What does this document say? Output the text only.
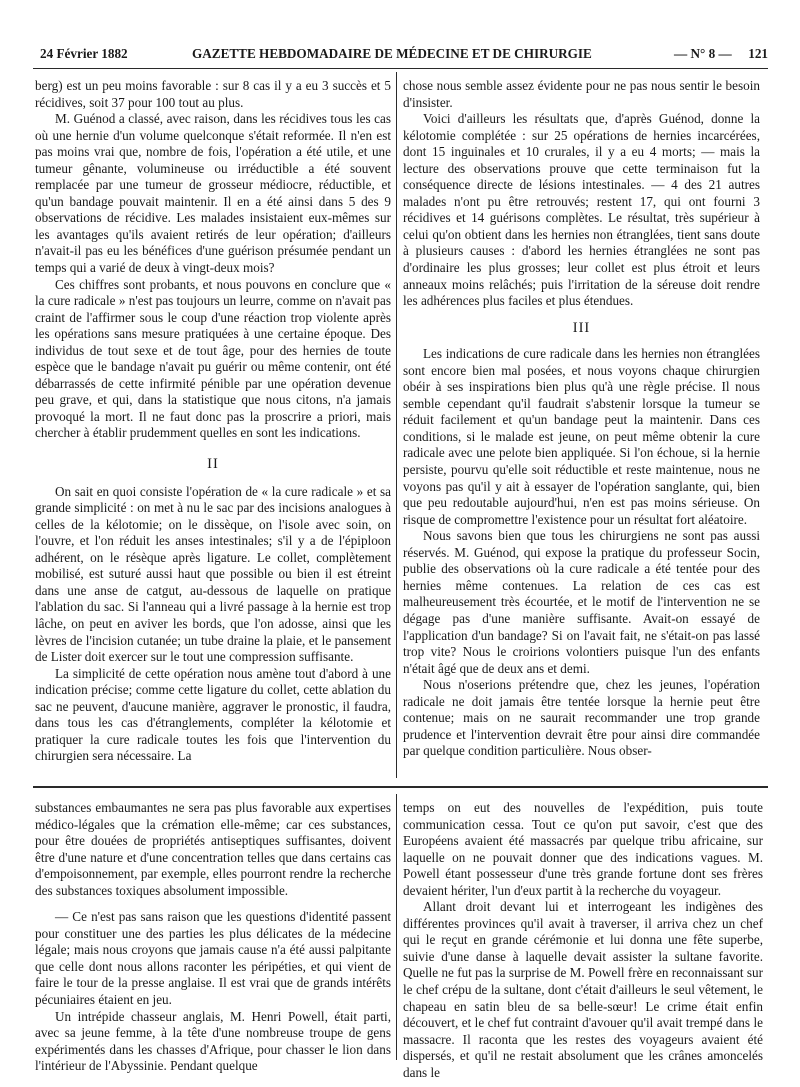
24 Février 1882	GAZETTE HEBDOMADAIRE DE MÉDECINE ET DE CHIRURGIE	— N° 8 — 121

berg) est un peu moins favorable : sur 8 cas il y a eu 3 succès et 5 récidives, soit 37 pour 100 tout au plus.

M. Guénod a classé, avec raison, dans les récidives tous les cas où une hernie d'un volume quelconque s'était reformée. Il n'en est pas moins vrai que, nombre de fois, l'opération a été utile, et une tumeur gênante, volumineuse ou irréductible a été souvent remplacée par une tumeur de grosseur médiocre, réductible, et qu'un bandage pouvait maintenir. Il en a été ainsi dans 5 des 9 observations de récidive. Les malades insistaient eux-mêmes sur les avantages qu'ils avaient retirés de leur opération; d'ailleurs n'avait-il pas eu les bénéfices d'une guérison présumée pendant un temps qui a varié de deux à vingt-deux mois?

Ces chiffres sont probants, et nous pouvons en conclure que « la cure radicale » n'est pas toujours un leurre, comme on n'avait pas craint de l'affirmer sous le coup d'une réaction trop violente après les opérations sans mesure pratiquées à une certaine époque. Des individus de tout sexe et de tout âge, pour des hernies de toute espèce que le bandage n'avait pu guérir ou même contenir, ont été débarrassés de cette infirmité pénible par une opération devenue peu grave, et qui, dans la statistique que nous citons, n'a jamais provoqué la mort. Il ne faut donc pas la proscrire a priori, mais chercher à établir prudemment quelles en sont les indications.

II

On sait en quoi consiste l'opération de « la cure radicale » et sa grande simplicité : on met à nu le sac par des incisions analogues à celles de la kélotomie; on le dissèque, on l'isole avec soin, on l'ouvre, et l'on réduit les anses intestinales; s'il y a de l'épiploon adhérent, on le résèque après ligature. Le collet, complètement mobilisé, est suturé aussi haut que possible ou bien il est étreint dans une anse de catgut, au-dessous de laquelle on pratique l'ablation du sac. Si l'anneau qui a livré passage à la hernie est trop lâche, on peut en aviver les bords, que l'on adosse, ainsi que les lèvres de l'incision cutanée; un tube draine la plaie, et le pansement de Lister doit exercer sur le tout une compression suffisante.

La simplicité de cette opération nous amène tout d'abord à une indication précise; comme cette ligature du collet, cette ablation du sac ne peuvent, d'aucune manière, aggraver le pronostic, il faudra, dans tous les cas d'étranglements, compléter la kélotomie et pratiquer la cure radicale toutes les fois que l'intervention du chirurgien sera nécessaire. La

chose nous semble assez évidente pour ne pas nous sentir le besoin d'insister.

Voici d'ailleurs les résultats que, d'après Guénod, donne la kélotomie complétée : sur 25 opérations de hernies incarcérées, dont 15 inguinales et 10 crurales, il y a eu 4 morts; — mais la lecture des observations prouve que cette terminaison fut la conséquence directe de lésions intestinales. — 4 des 21 autres malades n'ont pu être retrouvés; restent 17, qui ont fourni 3 récidives et 14 guérisons complètes. Le résultat, très supérieur à celui qu'on obtient dans les hernies non étranglées, tient sans doute à plusieurs causes : d'abord les hernies étranglées ne sont pas d'ordinaire les plus grosses; leur collet est plus étroit et leurs anneaux moins relâchés; puis l'irritation de la séreuse doit rendre les adhérences plus faciles et plus étendues.

III

Les indications de cure radicale dans les hernies non étranglées sont encore bien mal posées, et nous voyons chaque chirurgien obéir à ses inspirations bien plus qu'à une règle précise. Il nous semble cependant qu'il faudrait s'abstenir lorsque la tumeur se réduit facilement et qu'un bandage peut la maintenir. Dans ces conditions, si le malade est jeune, on peut même obtenir la cure radicale avec une pelote bien appliquée. Si l'on échoue, si la hernie persiste, pourvu qu'elle soit réductible et reste maintenue, nous ne voyons pas qu'il y ait à essayer de l'opération sanglante, qui, bien que peu redoutable aujourd'hui, n'en est pas moins sérieuse. On risque de compromettre l'existence pour un résultat fort aléatoire.

Nous savons bien que tous les chirurgiens ne sont pas aussi réservés. M. Guénod, qui expose la pratique du professeur Socin, publie des observations où la cure radicale a été tentée pour des hernies même contenues. La relation de ces cas est malheureusement très écourtée, et le motif de l'intervention ne se dégage pas d'une manière suffisante. Avait-on essayé de l'application d'un bandage? Si on l'avait fait, ne s'était-on pas lassé trop vite? Nous le croirions volontiers puisque l'un des enfants n'était âgé que de deux ans et demi.

Nous n'oserions prétendre que, chez les jeunes, l'opération radicale ne doit jamais être tentée lorsque la hernie peut être contenue; mais on ne saurait recommander une trop grande prudence et l'intervention devrait être pour ainsi dire commandée par quelque condition particulière. Nous obser-

substances embaumantes ne sera pas plus favorable aux expertises médico-légales que la crémation elle-même; car ces substances, pour être douées de propriétés antiseptiques suffisantes, doivent être d'une nature et d'une concentration telles que dans certains cas d'empoisonnement, par exemple, elles pourront rendre la recherche des substances toxiques absolument impossible.

— Ce n'est pas sans raison que les questions d'identité passent pour constituer une des parties les plus délicates de la médecine légale; mais nous croyons que jamais cause n'a été aussi palpitante que celle dont nous allons raconter les péripéties, et qui vient de faire le tour de la presse anglaise. Il est vrai que de grands intérêts pécuniaires étaient en jeu.

Un intrépide chasseur anglais, M. Henri Powell, était parti, avec sa jeune femme, à la tête d'une nombreuse troupe de gens expérimentés dans les chasses d'Afrique, pour chasser le lion dans l'intérieur de l'Abyssinie. Pendant quelque

temps on eut des nouvelles de l'expédition, puis toute communication cessa. Tout ce qu'on put savoir, c'est que des Européens avaient été massacrés par quelque tribu africaine, sur laquelle on ne pouvait donner que des indications vagues. M. Powell étant possesseur d'une très grande fortune dont ses frères devaient hériter, l'un d'eux partit à la recherche du voyageur.

Allant droit devant lui et interrogeant les indigènes des différentes provinces qu'il avait à traverser, il arriva chez un chef qui le reçut en grande cérémonie et lui donna une fête superbe, suivie d'une danse à laquelle devait assister la sultane favorite. Quelle ne fut pas la surprise de M. Powell frère en reconnaissant sur le chef crépu de la sultane, dont c'était d'ailleurs le seul vêtement, le chapeau en satin bleu de sa belle-sœur! Le crime était enfin découvert, et le chef fut contraint d'avouer qu'il avait trempé dans le massacre. Il raconta que les restes des voyageurs avaient été dispersés, et qu'il ne restait absolument que les crânes amoncelés dans le
